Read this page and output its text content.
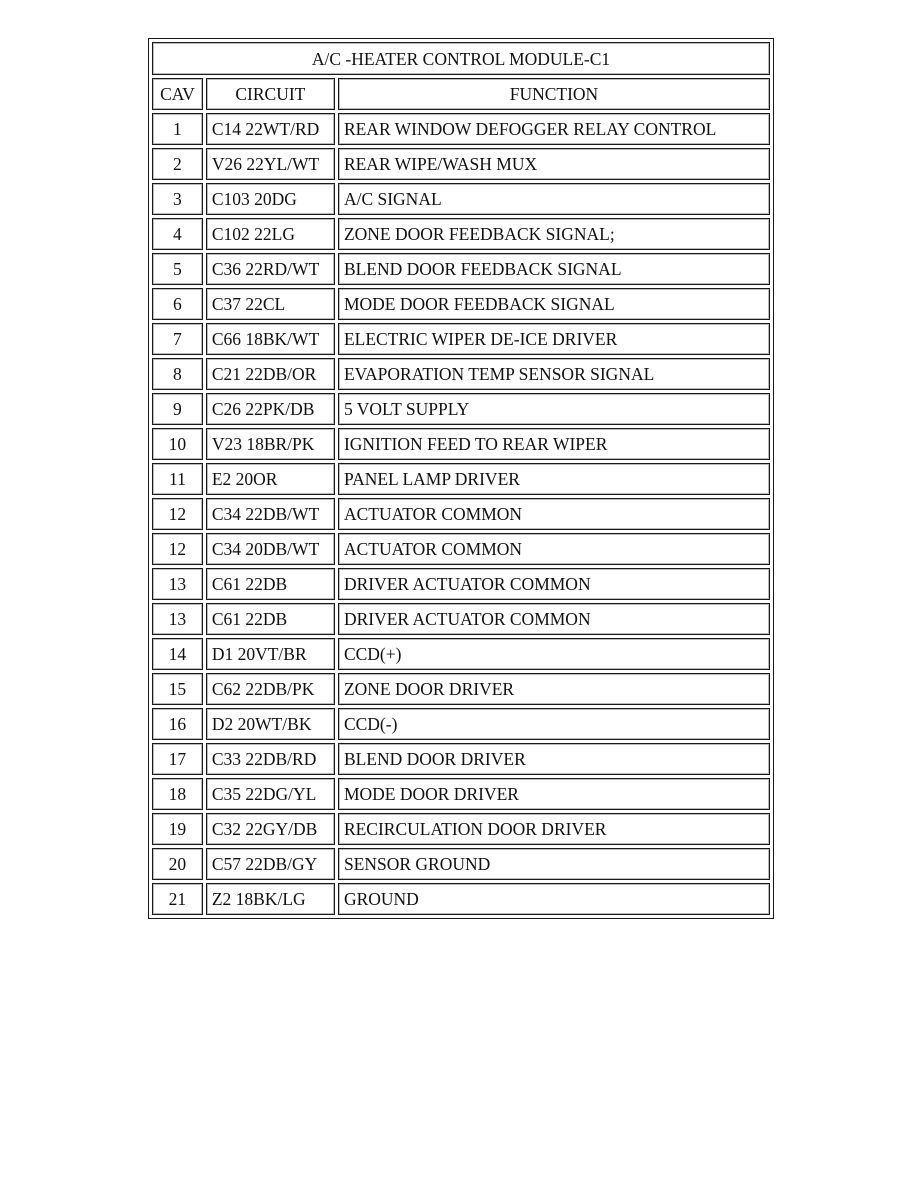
A/C -HEATER CONTROL MODULE-C1		
CAV	CIRCUIT	FUNCTION
1	C14 22WT/RD	REAR WINDOW DEFOGGER RELAY CONTROL
2	V26 22YL/WT	REAR WIPE/WASH MUX
3	C103 20DG	A/C SIGNAL
4	C102 22LG	ZONE DOOR FEEDBACK SIGNAL;
5	C36 22RD/WT	BLEND DOOR FEEDBACK SIGNAL
6	C37 22CL	MODE DOOR FEEDBACK SIGNAL
7	C66 18BK/WT	ELECTRIC WIPER DE-ICE DRIVER
8	C21 22DB/OR	EVAPORATION TEMP SENSOR SIGNAL
9	C26 22PK/DB	5 VOLT SUPPLY
10	V23 18BR/PK	IGNITION FEED TO REAR WIPER
11	E2 20OR	PANEL LAMP DRIVER
12	C34 22DB/WT	ACTUATOR COMMON
12	C34 20DB/WT	ACTUATOR COMMON
13	C61 22DB	DRIVER ACTUATOR COMMON
13	C61 22DB	DRIVER ACTUATOR COMMON
14	D1 20VT/BR	CCD(+)
15	C62 22DB/PK	ZONE DOOR DRIVER
16	D2 20WT/BK	CCD(-)
17	C33 22DB/RD	BLEND DOOR DRIVER
18	C35 22DG/YL	MODE DOOR DRIVER
19	C32 22GY/DB	RECIRCULATION DOOR DRIVER
20	C57 22DB/GY	SENSOR GROUND
21	Z2 18BK/LG	GROUND
